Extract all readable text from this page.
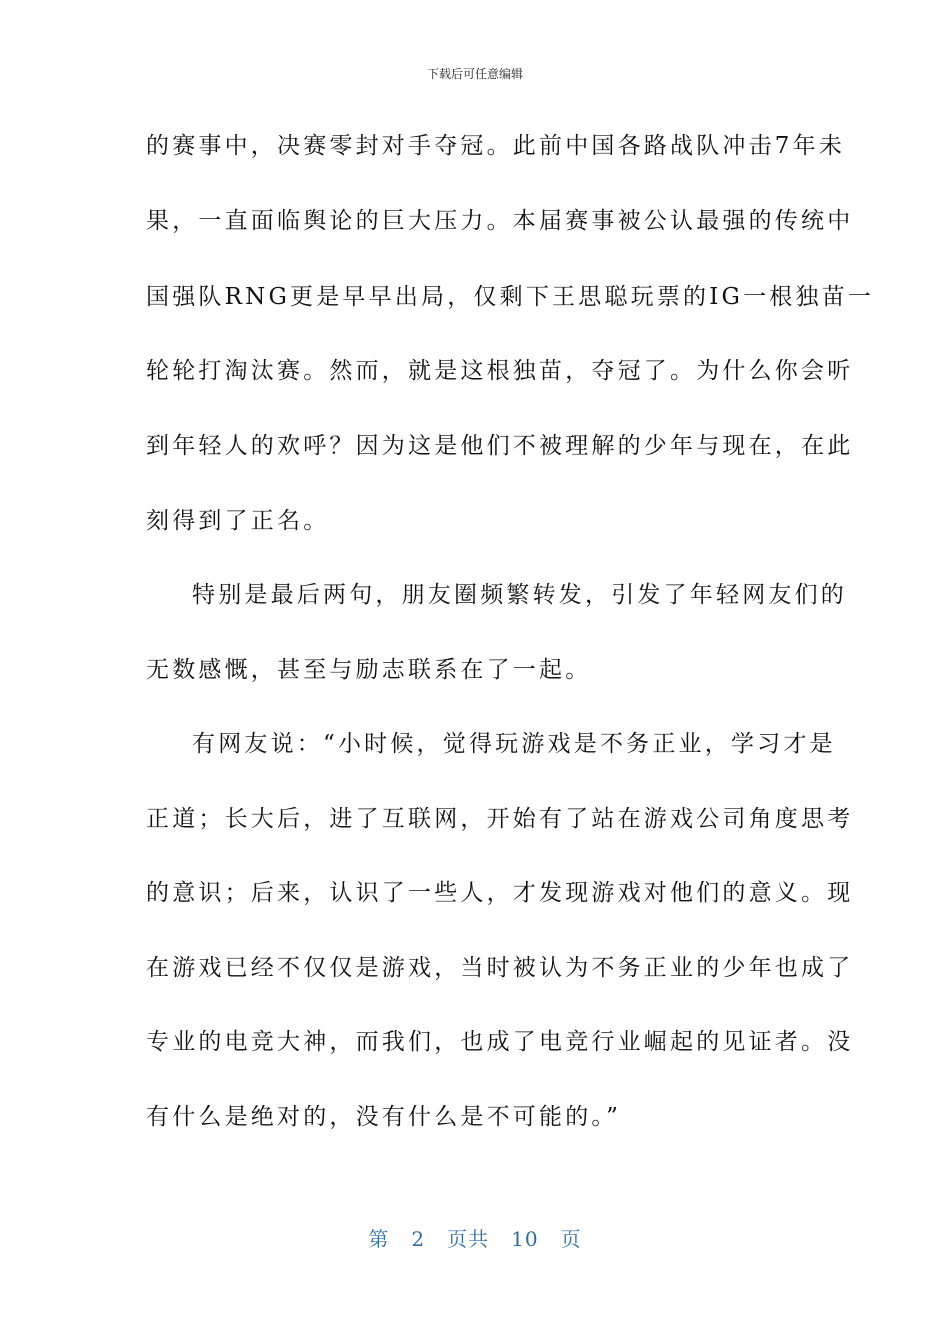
下载后可任意编辑
的赛事中，决赛零封对手夺冠。此前中国各路战队冲击7年未
果，一直面临舆论的巨大压力。本届赛事被公认最强的传统中
国强队RNG更是早早出局，仅剩下王思聪玩票的IG一根独苗一
轮轮打淘汰赛。然而，就是这根独苗，夺冠了。为什么你会听
到年轻人的欢呼？因为这是他们不被理解的少年与现在，在此
刻得到了正名。
特别是最后两句，朋友圈频繁转发，引发了年轻网友们的
无数感慨，甚至与励志联系在了一起。
有网友说：“小时候，觉得玩游戏是不务正业，学习才是
正道；长大后，进了互联网，开始有了站在游戏公司角度思考
的意识；后来，认识了一些人，才发现游戏对他们的意义。现
在游戏已经不仅仅是游戏，当时被认为不务正业的少年也成了
专业的电竞大神，而我们，也成了电竞行业崛起的见证者。没
有什么是绝对的，没有什么是不可能的。”
第 2 页共 10 页
